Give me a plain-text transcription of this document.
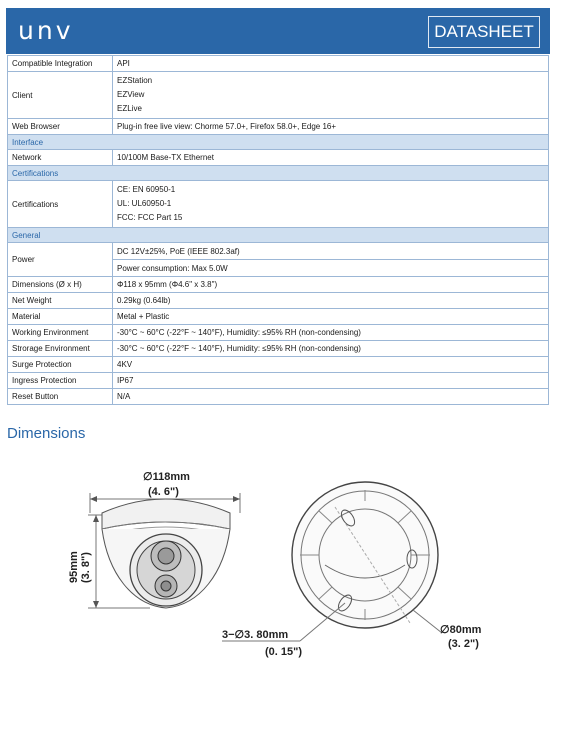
unv	DATASHEET
Compatible Integration	API
Client	EZStation
EZView
EZLive

Web Browser	Plug-in free live view: Chorme 57.0+, Firefox 58.0+, Edge 16+
Interface	
Network	10/100M Base-TX Ethernet
Certifications	
Certifications	CE: EN 60950-1
UL: UL60950-1
FCC: FCC Part 15

General	
Power	DC 12V±25%, PoE (IEEE 802.3af)
	Power consumption: Max 5.0W
Dimensions (Ø x H)	Φ118 x 95mm (Φ4.6" x 3.8")
Net Weight	0.29kg (0.64lb)
Material	Metal + Plastic
Working Environment	-30°C ~ 60°C (-22°F ~ 140°F), Humidity: ≤95% RH (non-condensing)
Strorage Environment	-30°C ~ 60°C (-22°F ~ 140°F), Humidity: ≤95% RH (non-condensing)
Surge Protection	4KV
Ingress Protection	IP67
Reset Button	N/A
Dimensions
∅118mm
(4. 6")
95mm (3. 8")
3−∅3. 80mm
(0. 15")
∅80mm
(3. 2")
